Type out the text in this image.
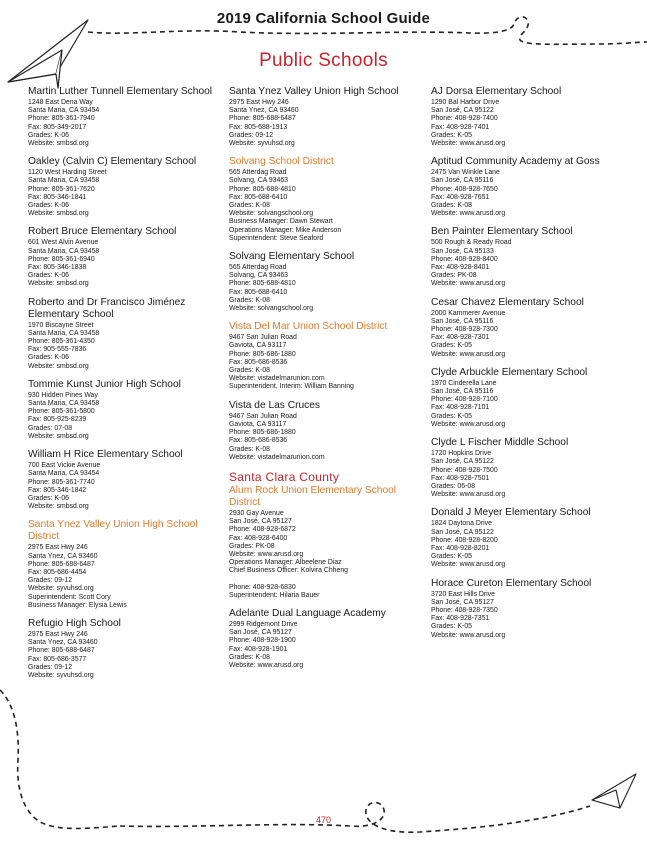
2019 California School Guide
Public Schools
Martin Luther Tunnell Elementary School
1248 East Dena Way
Santa Maria, CA 93454
Phone: 805-361-7940
Fax: 805-349-2017
Grades: K-06
Website: smbsd.org
Oakley (Calvin C) Elementary School
1120 West Harding Street
Santa Maria, CA 93458
Phone: 805-361-7620
Fax: 805-346-1841
Grades: K-06
Website: smbsd.org
Robert Bruce Elementary School
601 West Alvin Avenue
Santa Maria, CA 93458
Phone: 805-361-6940
Fax: 805-346-1838
Grades: K-06
Website: smbsd.org
Roberto and Dr Francisco Jiménez Elementary School
1970 Biscayne Street
Santa Maria, CA 93458
Phone: 805-361-4350
Fax: 905-555-7836
Grades: K-06
Website: smbsd.org
Tommie Kunst Junior High School
930 Hidden Pines Way
Santa Maria, CA 93458
Phone: 805-361-5800
Fax: 805-925-8239
Grades: 07-08
Website: smbsd.org
William H Rice Elementary School
700 East Vickie Avenue
Santa Maria, CA 93454
Phone: 805-361-7740
Fax: 805-346-1842
Grades: K-06
Website: smbsd.org
Santa Ynez Valley Union High School District
2975 East Hwy 246
Santa Ynez, CA 93460
Phone: 805-688-6487
Fax: 805-686-4454
Grades: 09-12
Website: syvuhsd.org
Superintendent: Scott Cory
Business Manager: Elysia Lewis
Refugio High School
2975 East Hwy 246
Santa Ynez, CA 93460
Phone: 805-688-6487
Fax: 805-686-3577
Grades: 09-12
Website: syvuhsd.org
Santa Ynez Valley Union High School
2975 East Hwy 246
Santa Ynez, CA 93460
Phone: 805-688-6487
Fax: 805-688-1913
Grades: 09-12
Website: syvuhsd.org
Solvang School District
565 Atterdag Road
Solvang, CA 93463
Phone: 805-688-4810
Fax: 805-688-6410
Grades: K-08
Website: solvangschool.org
Business Manager: Dawn Stewart
Operations Manager: Mike Anderson
Superintendent: Steve Seaford
Solvang Elementary School
565 Atterdag Road
Solvang, CA 93463
Phone: 805-688-4810
Fax: 805-688-6410
Grades: K-08
Website: solvangschool.org
Vista Del Mar Union School District
9467 San Julian Road
Gaviota, CA 93117
Phone: 805-686-1880
Fax: 805-686-8536
Grades: K-08
Website: vistadelmarunion.com
Superintendent, Interim: William Banning
Vista de Las Cruces
9467 San Julian Road
Gaviota, CA 93117
Phone: 805-686-1880
Fax: 805-686-8536
Grades: K-08
Website: vistadelmarunion.com
Santa Clara County
Alum Rock Union Elementary School District
2930 Gay Avenue
San José, CA 95127
Phone: 408-928-6872
Fax: 408-928-6400
Grades: PK-08
Website: www.arusd.org
Operations Manager: Albeelene Diaz
Chief Business Officer: Kolvira Chheng
Phone: 408-928-6830
Superintendent: Hilaria Bauer
Adelante Dual Language Academy
2999 Ridgemont Drive
San José, CA 95127
Phone: 408-928-1900
Fax: 408-928-1901
Grades: K-08
Website: www.arusd.org
AJ Dorsa Elementary School
1290 Bal Harbor Drive
San José, CA 95122
Phone: 408-928-7400
Fax: 408-928-7401
Grades: K-05
Website: www.arusd.org
Aptitud Community Academy at Goss
2475 Van Winkle Lane
San José, CA 95116
Phone: 408-928-7650
Fax: 408-928-7651
Grades: K-08
Website: www.arusd.org
Ben Painter Elementary School
500 Rough & Ready Road
San José, CA 95133
Phone: 408-928-8400
Fax: 408-928-8401
Grades: PK-08
Website: www.arusd.org
Cesar Chavez Elementary School
2000 Kammerer Avenue
San José, CA 95116
Phone: 408-928-7300
Fax: 408-928-7301
Grades: K-05
Website: www.arusd.org
Clyde Arbuckle Elementary School
1970 Cinderella Lane
San José, CA 95116
Phone: 408-928-7100
Fax: 408-928-7101
Grades: K-05
Website: www.arusd.org
Clyde L Fischer Middle School
1720 Hopkins Drive
San José, CA 95122
Phone: 408-928-7500
Fax: 408-928-7501
Grades: 06-08
Website: www.arusd.org
Donald J Meyer Elementary School
1824 Daytona Drive
San José, CA 95122
Phone: 408-928-8200
Fax: 408-928-8201
Grades: K-05
Website: www.arusd.org
Horace Cureton Elementary School
3720 East Hills Drive
San José, CA 95127
Phone: 408-928-7350
Fax: 408-928-7351
Grades: K-05
Website: www.arusd.org
470
